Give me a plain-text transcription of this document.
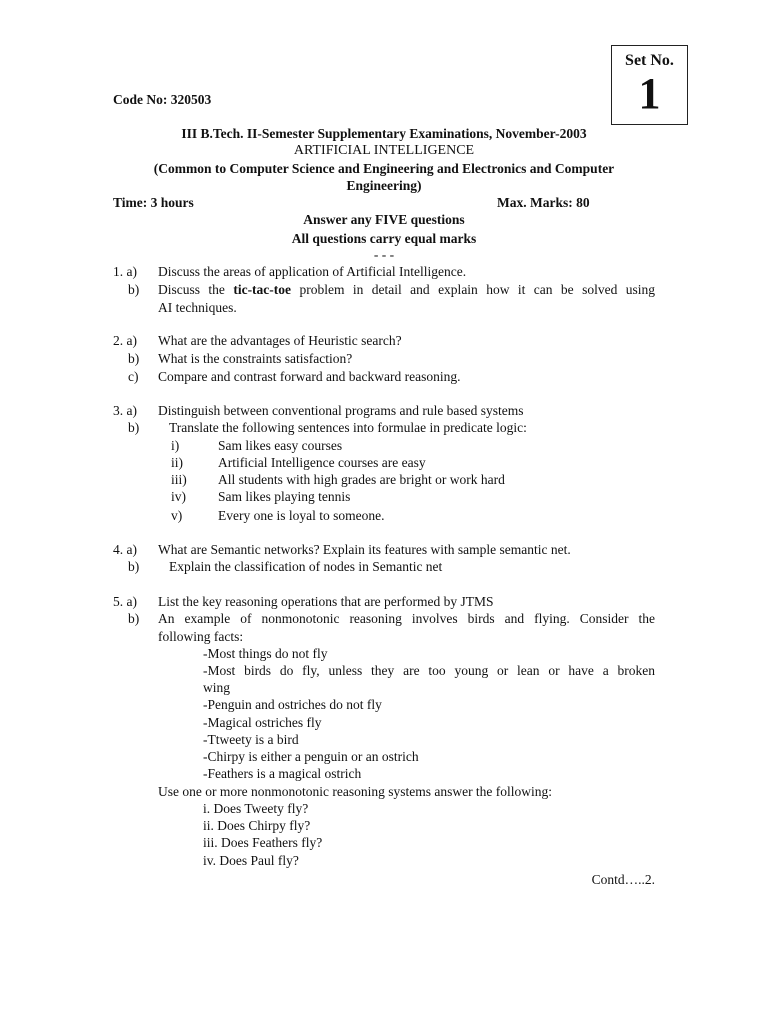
Set No.
1
Code No: 320503
III B.Tech. II-Semester Supplementary Examinations, November-2003
ARTIFICIAL INTELLIGENCE
(Common to Computer Science and Engineering and Electronics and Computer
Engineering)
Time: 3 hours	Max. Marks: 80
Answer any FIVE questions
All questions carry equal marks
- - -
1. a) Discuss the areas of application of Artificial Intelligence.
b) Discuss the tic-tac-toe problem in detail and explain how it can be solved using
AI techniques.
2. a) What are the advantages of Heuristic search?
b) What is the constraints satisfaction?
c) Compare and contrast forward and backward reasoning.
3. a) Distinguish between conventional programs and rule based systems
b) Translate the following sentences into formulae in predicate logic:
i)	Sam likes easy courses
ii)	Artificial Intelligence courses are easy
iii) All students with high grades are bright or work hard
iv) Sam likes playing tennis
v)	Every one is loyal to someone.
4. a) What are Semantic networks? Explain its features with sample semantic net.
b) Explain the classification of nodes in Semantic net
5. a) List the key reasoning operations that are performed by JTMS
b) An example of nonmonotonic reasoning involves birds and flying. Consider the
following facts:
-Most things do not fly
-Most birds do fly, unless they are too young or lean or have a broken
wing
-Penguin and ostriches do not fly
-Magical ostriches fly
-Ttweety is a bird
-Chirpy is either a penguin or an ostrich
-Feathers is a magical ostrich
Use one or more nonmonotonic reasoning systems answer the following:
i. Does Tweety fly?
ii. Does Chirpy fly?
iii. Does Feathers fly?
iv. Does Paul fly?
Contd…..2.
